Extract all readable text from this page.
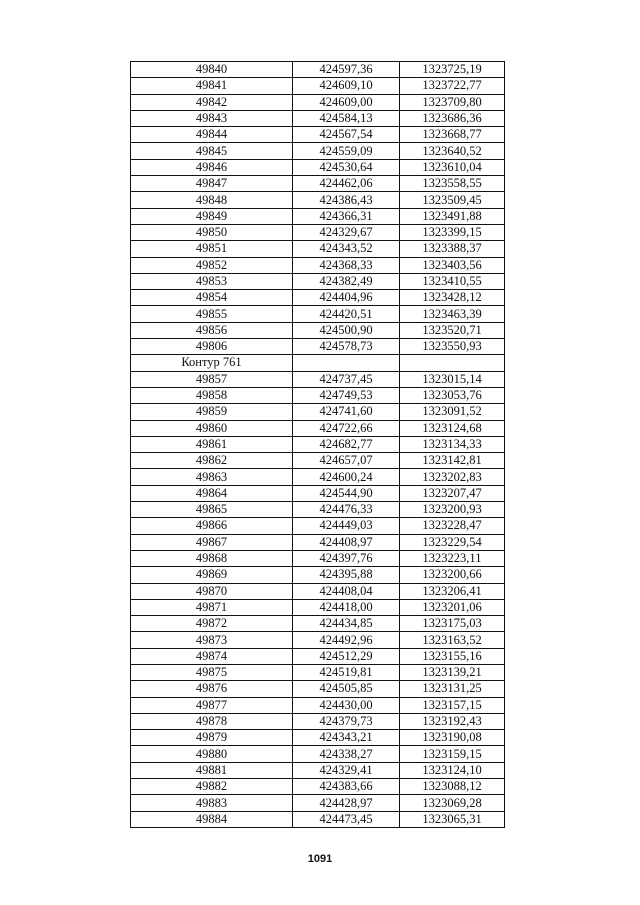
49840	424597,36	1323725,19
49841	424609,10	1323722,77
49842	424609,00	1323709,80
49843	424584,13	1323686,36
49844	424567,54	1323668,77
49845	424559,09	1323640,52
49846	424530,64	1323610,04
49847	424462,06	1323558,55
49848	424386,43	1323509,45
49849	424366,31	1323491,88
49850	424329,67	1323399,15
49851	424343,52	1323388,37
49852	424368,33	1323403,56
49853	424382,49	1323410,55
49854	424404,96	1323428,12
49855	424420,51	1323463,39
49856	424500,90	1323520,71
49806	424578,73	1323550,93
Контур 761		
49857	424737,45	1323015,14
49858	424749,53	1323053,76
49859	424741,60	1323091,52
49860	424722,66	1323124,68
49861	424682,77	1323134,33
49862	424657,07	1323142,81
49863	424600,24	1323202,83
49864	424544,90	1323207,47
49865	424476,33	1323200,93
49866	424449,03	1323228,47
49867	424408,97	1323229,54
49868	424397,76	1323223,11
49869	424395,88	1323200,66
49870	424408,04	1323206,41
49871	424418,00	1323201,06
49872	424434,85	1323175,03
49873	424492,96	1323163,52
49874	424512,29	1323155,16
49875	424519,81	1323139,21
49876	424505,85	1323131,25
49877	424430,00	1323157,15
49878	424379,73	1323192,43
49879	424343,21	1323190,08
49880	424338,27	1323159,15
49881	424329,41	1323124,10
49882	424383,66	1323088,12
49883	424428,97	1323069,28
49884	424473,45	1323065,31
1091
